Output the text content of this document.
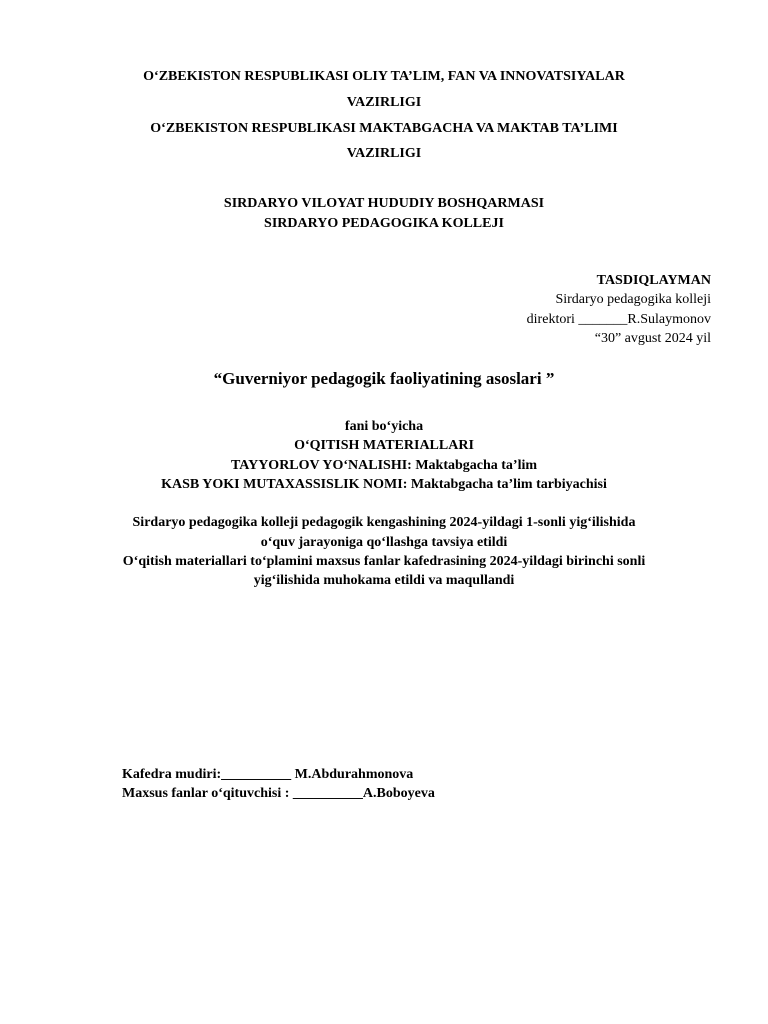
O‘ZBEKISTON RESPUBLIKASI OLIY TA’LIM, FAN VA INNOVATSIYALAR
VAZIRLIGI
O‘ZBEKISTON RESPUBLIKASI MAKTABGACHA VA MAKTAB TA’LIMI
VAZIRLIGI
SIRDARYO VILOYAT HUDUDIY BOSHQARMASI
SIRDARYO PEDAGOGIKA KOLLEJI
TASDIQLAYMAN
Sirdaryo pedagogika kolleji
direktori _______R.Sulaymonov
“30” avgust 2024 yil
“Guverniyor pedagogik faoliyatining asoslari ”
fani bo‘yicha
O‘QITISH MATERIALLARI
TAYYORLOV YO‘NALISHI: Maktabgacha ta’lim
KASB YOKI MUTAXASSISLIK NOMI: Maktabgacha ta’lim tarbiyachisi
Sirdaryo pedagogika kolleji pedagogik kengashining 2024-yildagi 1-sonli yig‘ilishida
o‘quv jarayoniga qo‘llashga tavsiya etildi
O‘qitish materiallari to‘plamini maxsus fanlar kafedrasining 2024-yildagi birinchi sonli
yig‘ilishida muhokama etildi va maqullandi
Kafedra mudiri:__________ M.Abdurahmonova
Maxsus fanlar o‘qituvchisi : __________A.Boboyeva
